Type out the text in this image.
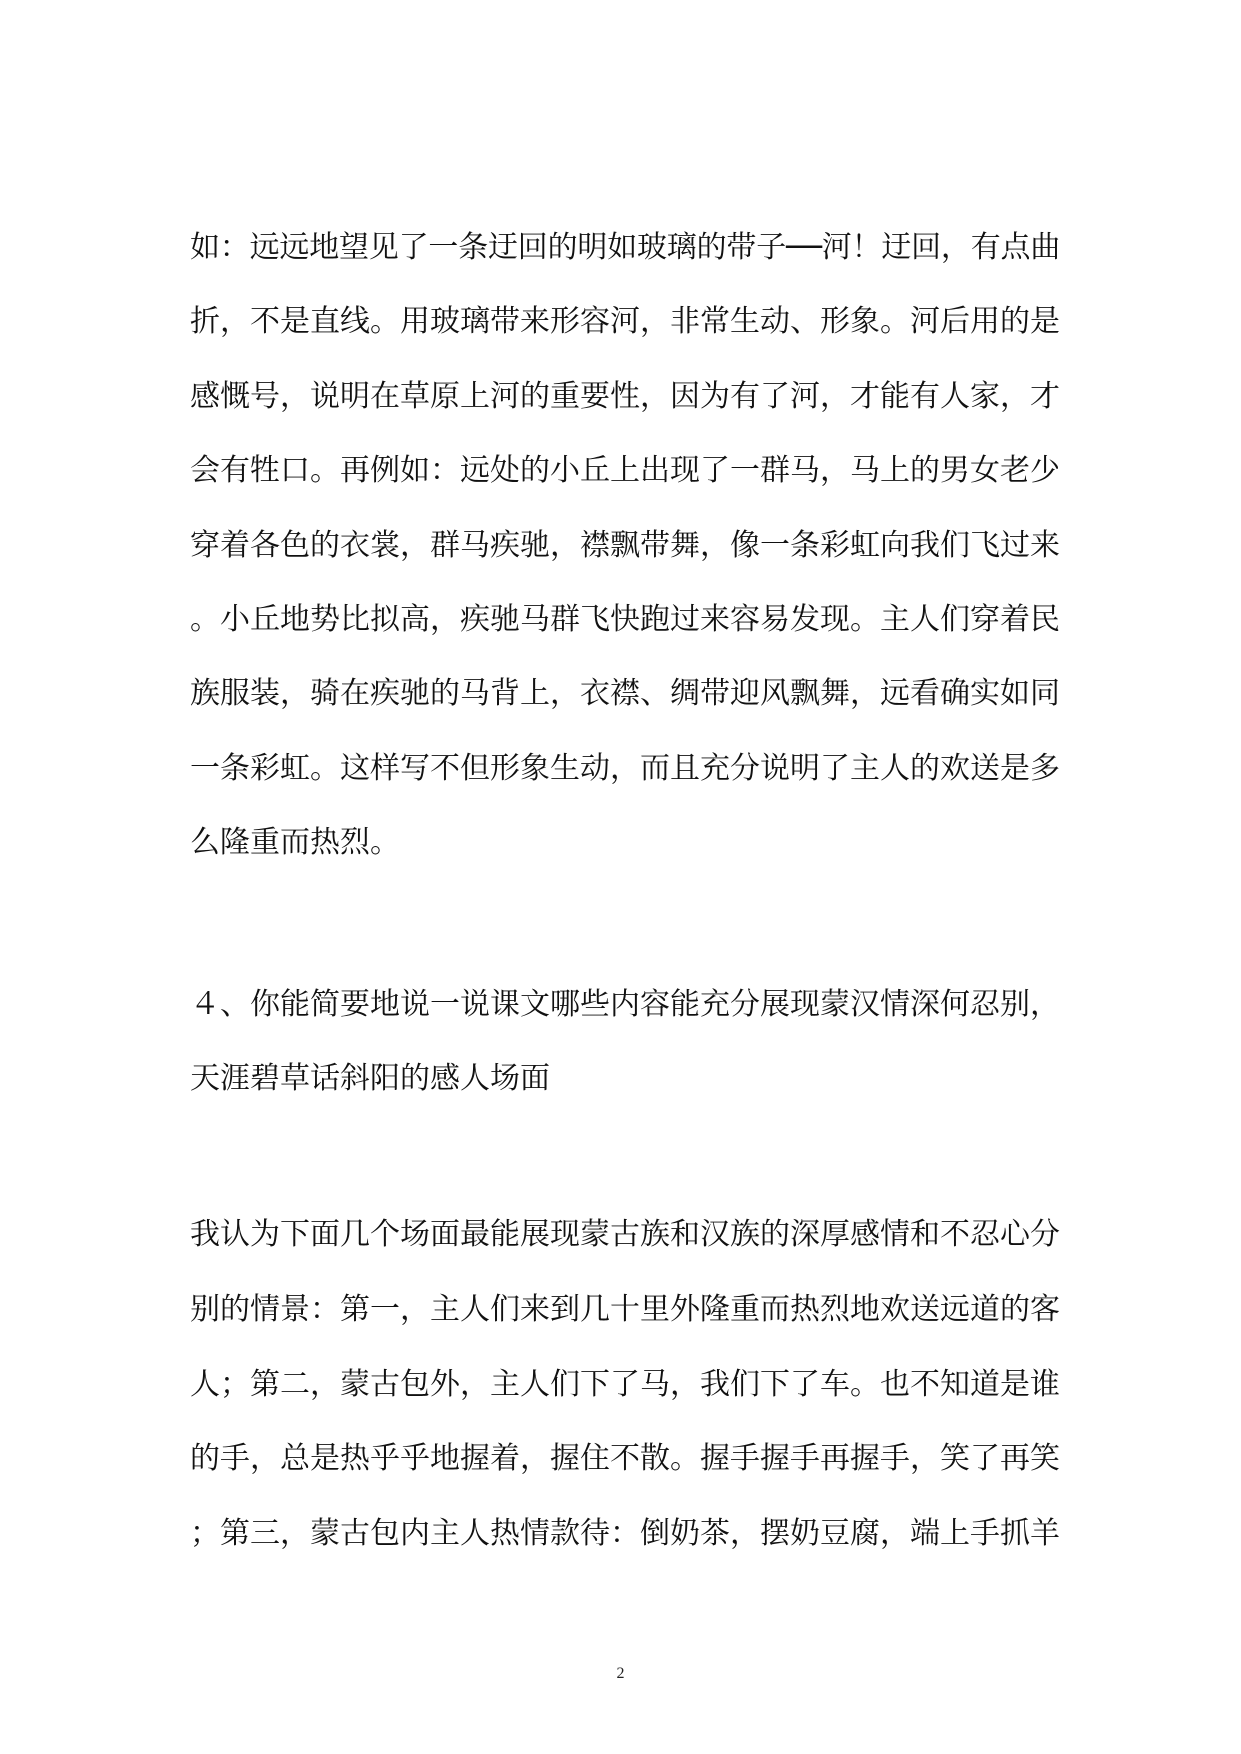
如：远远地望见了一条迂回的明如玻璃的带子──河！迂回，有点曲
折，不是直线。用玻璃带来形容河，非常生动、形象。河后用的是
感慨号，说明在草原上河的重要性，因为有了河，才能有人家，才
会有牲口。再例如：远处的小丘上出现了一群马，马上的男女老少
穿着各色的衣裳，群马疾驰，襟飘带舞，像一条彩虹向我们飞过来
。小丘地势比拟高，疾驰马群飞快跑过来容易发现。主人们穿着民
族服装，骑在疾驰的马背上，衣襟、绸带迎风飘舞，远看确实如同
一条彩虹。这样写不但形象生动，而且充分说明了主人的欢送是多
么隆重而热烈。
４、你能简要地说一说课文哪些内容能充分展现蒙汉情深何忍别，
天涯碧草话斜阳的感人场面
我认为下面几个场面最能展现蒙古族和汉族的深厚感情和不忍心分
别的情景：第一，主人们来到几十里外隆重而热烈地欢送远道的客
人；第二，蒙古包外，主人们下了马，我们下了车。也不知道是谁
的手，总是热乎乎地握着，握住不散。握手握手再握手，笑了再笑
；第三，蒙古包内主人热情款待：倒奶茶，摆奶豆腐，端上手抓羊
2
